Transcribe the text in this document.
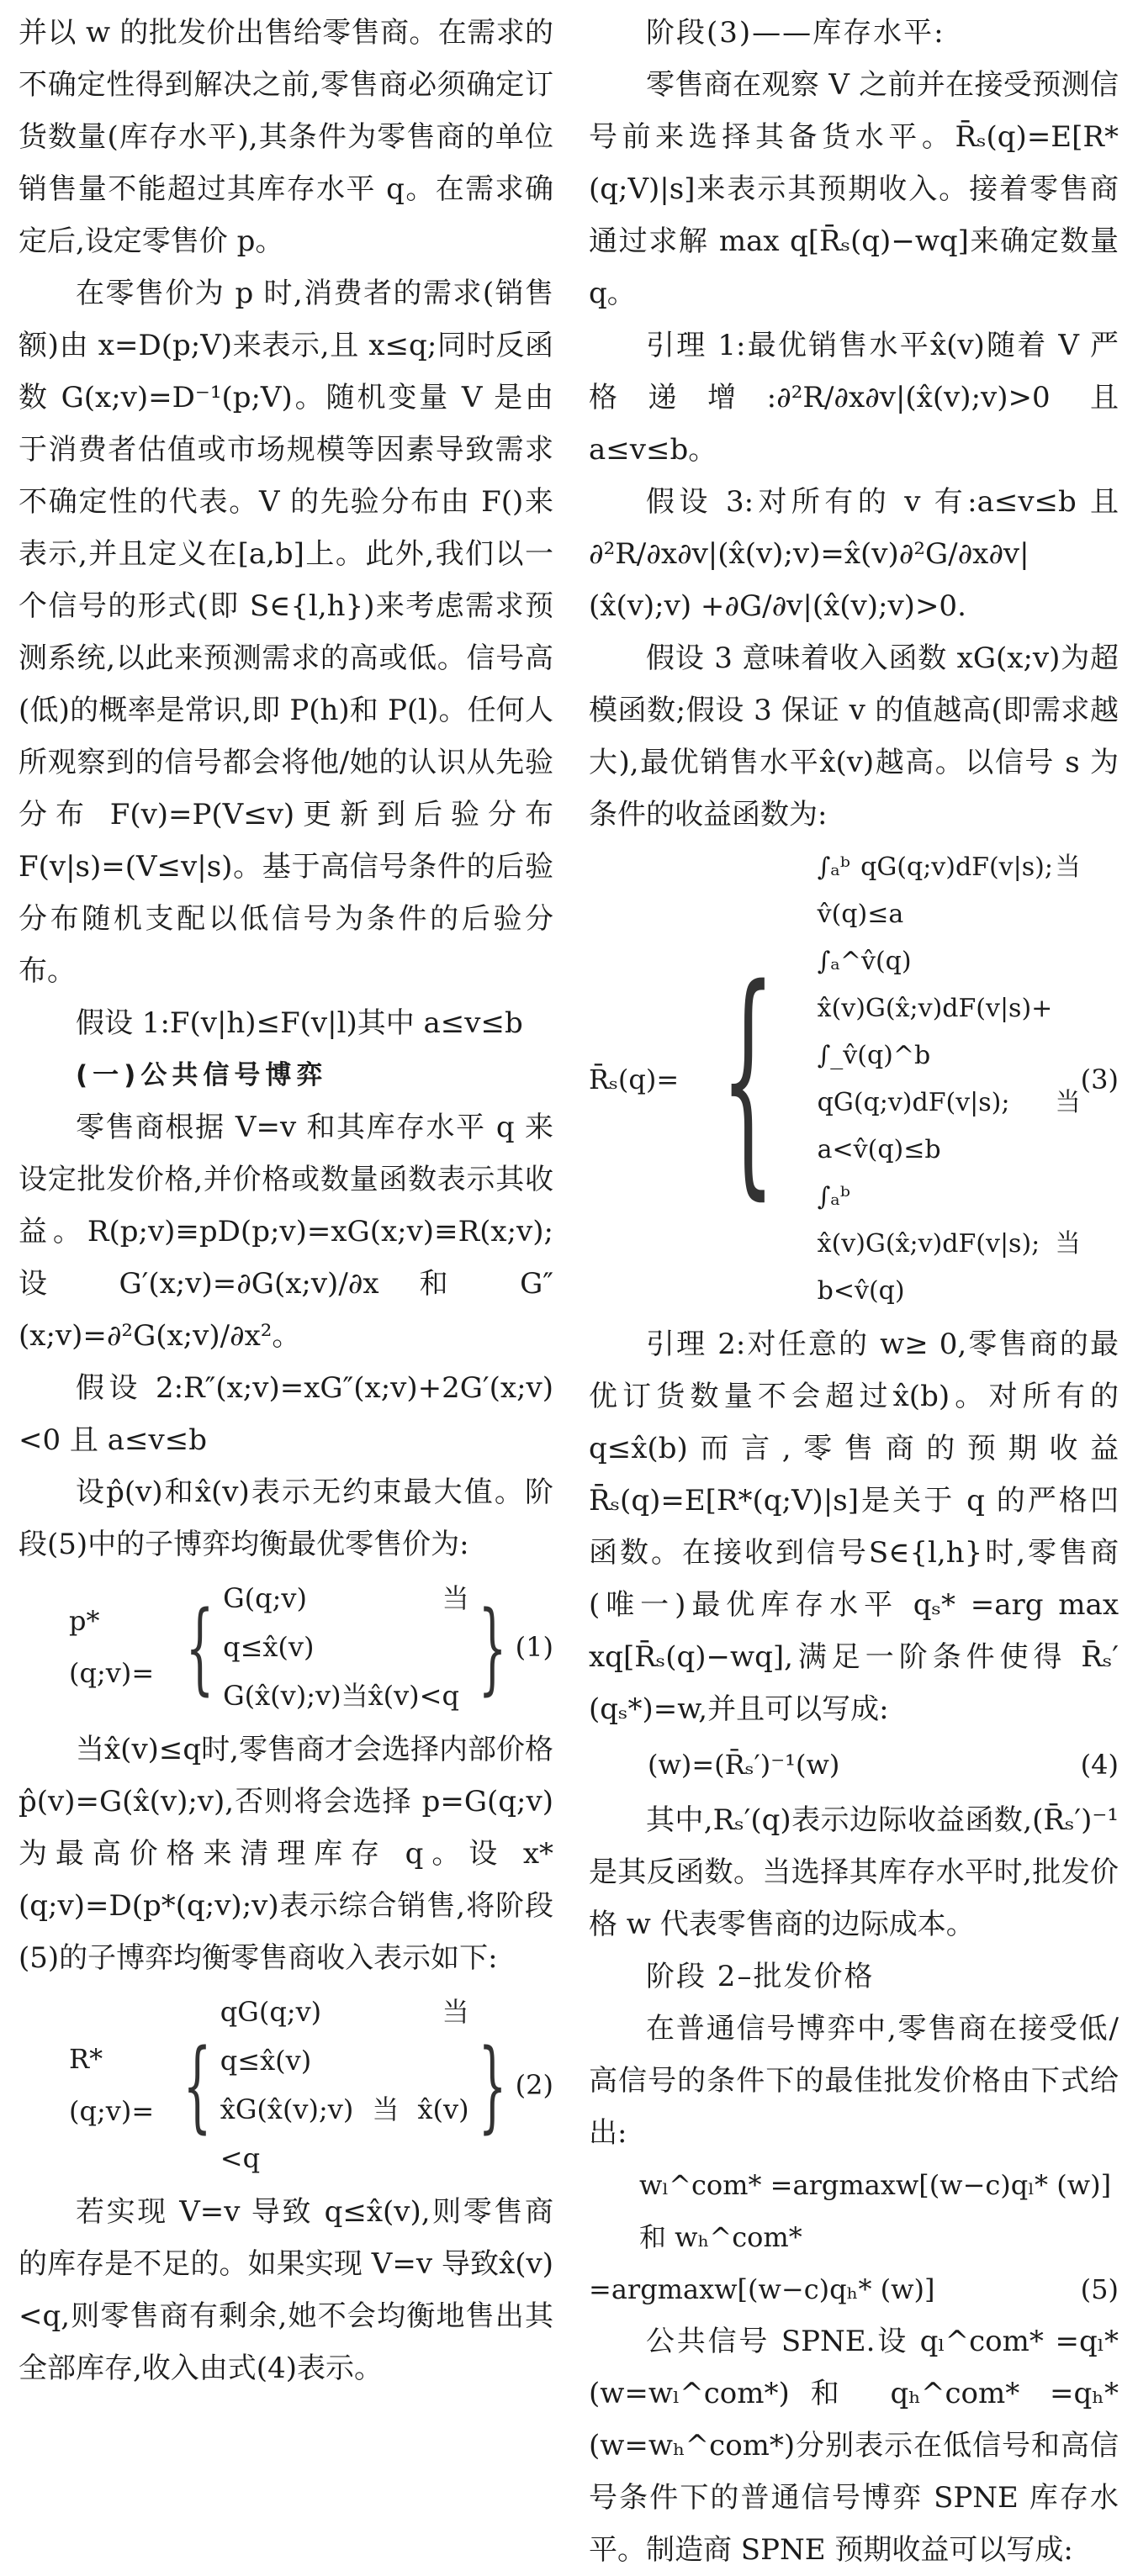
并以 w 的批发价出售给零售商。在需求的不确定性得到解决之前,零售商必须确定订货数量(库存水平),其条件为零售商的单位销售量不能超过其库存水平 q。在需求确定后,设定零售价 p。

在零售价为 p 时,消费者的需求(销售额)由 x=D(p;V)来表示,且 x≤q;同时反函数 G(x;v)=D⁻¹(p;V)。随机变量 V 是由于消费者估值或市场规模等因素导致需求不确定性的代表。V 的先验分布由 F()来表示,并且定义在[a,b]上。此外,我们以一个信号的形式(即 S∈{l,h})来考虑需求预测系统,以此来预测需求的高或低。信号高(低)的概率是常识,即 P(h)和 P(l)。任何人所观察到的信号都会将他/她的认识从先验分布 F(v)=P(V≤v)更新到后验分布 F(v|s)=(V≤v|s)。基于高信号条件的后验分布随机支配以低信号为条件的后验分布。

假设 1:F(v|h)≤F(v|l)其中 a≤v≤b

(一)公共信号博弈

零售商根据 V=v 和其库存水平 q 来设定批发价格,并价格或数量函数表示其收益。R(p;v)≡pD(p;v)=xG(x;v)≡R(x;v);设 G′(x;v)=∂G(x;v)/∂x 和 G″(x;v)=∂²G(x;v)/∂x²。

假设 2:R″(x;v)=xG″(x;v)+2G′(x;v)<0 且 a≤v≤b

设p̂(v)和x̂(v)表示无约束最大值。阶段(5)中的子博弈均衡最优零售价为:

p*(q;v)= { G(q;v)　　当 q≤x̂(v)
G(x̂(v);v)当x̂(v)<q } (1)

当x̂(v)≤q时,零售商才会选择内部价格p̂(v)=G(x̂(v);v),否则将会选择 p=G(q;v)为最高价格来清理库存 q。设 x*(q;v)=D(p*(q;v);v)表示综合销售,将阶段(5)的子博弈均衡零售商收入表示如下:

R*(q;v)= {
qG(q;v)　　当 q≤x̂(v)
x̂G(x̂(v);v)当x̂(v)<q
} (2)

若实现 V=v 导致 q≤x̂(v),则零售商的库存是不足的。如果实现 V=v 导致x̂(v)<q,则零售商有剩余,她不会均衡地售出其全部库存,收入由式(4)表示。

阶段(3)——库存水平:

零售商在观察 V 之前并在接受预测信号前来选择其备货水平。R̄ₛ(q)=E[R*(q;V)|s]来表示其预期收入。接着零售商通过求解 max q[R̄ₛ(q)−wq]来确定数量 q。

引理 1:最优销售水平x̂(v)随着 V 严格递增:∂²R/∂x∂v|(x̂(v);v)>0 且 a≤v≤b。

假设 3:对所有的 v 有:a≤v≤b 且∂²R/∂x∂v|(x̂(v);v)=x̂(v)∂²G/∂x∂v|(x̂(v);v) +∂G/∂v|(x̂(v);v)>0.

假设 3 意味着收入函数 xG(x;v)为超模函数;假设 3 保证 v 的值越高(即需求越大),最优销售水平x̂(v)越高。以信号 s 为条件的收益函数为:

R̄ₛ(q)= {
∫ₐᵇ qG(q;v)dF(v|s);当v̂(q)≤a
∫ₐ^v̂(q) x̂(v)G(x̂;v)dF(v|s)+ ∫_v̂(q)^b
qG(q;v)dF(v|s);当 a<v̂(q)≤b
∫ₐᵇ x̂(v)G(x̂;v)dF(v|s);当 b<v̂(q)
(3)

引理 2:对任意的 w≥ 0,零售商的最优订货数量不会超过x̂(b)。对所有的 q≤x̂(b)而言,零售商的预期收益 R̄ₛ(q)=E[R*(q;V)|s]是关于 q 的严格凹函数。在接收到信号S∈{l,h}时,零售商(唯一)最优库存水平 qₛ* =arg max xq[R̄ₛ(q)−wq],满足一阶条件使得 R̄ₛ′(qₛ*)=w,并且可以写成:

(w)=(R̄ₛ′)⁻¹(w)	(4)

其中,Rₛ′(q)表示边际收益函数,(R̄ₛ′)⁻¹是其反函数。当选择其库存水平时,批发价格 w 代表零售商的边际成本。

阶段 2–批发价格

在普通信号博弈中,零售商在接受低/高信号的条件下的最佳批发价格由下式给出:

wₗ^com* =argmaxw[(w−c)qₗ* (w)]和 wₕ^com*
=argmaxw[(w−c)qₕ* (w)]	(5)

公共信号 SPNE.设 qₗ^com* =qₗ* (w=wₗ^com*)和 qₕ^com* =qₕ* (w=wₕ^com*)分别表示在低信号和高信号条件下的普通信号博弈 SPNE 库存水平。制造商 SPNE 预期收益可以写成:
